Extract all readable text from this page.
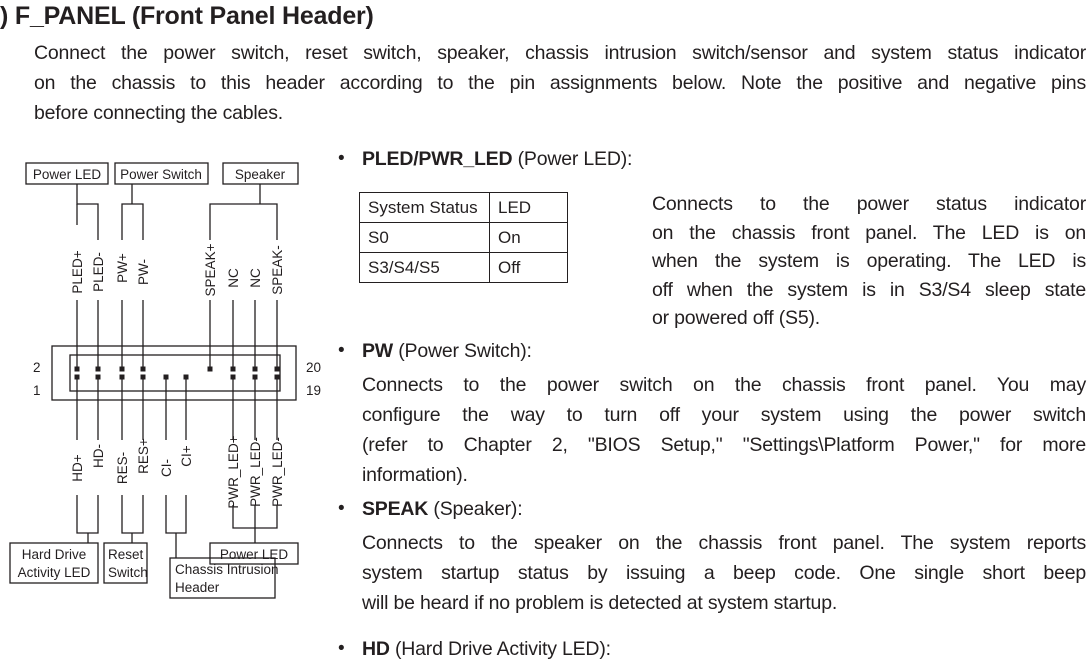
) F_PANEL (Front Panel Header)
Connect the power switch, reset switch, speaker, chassis intrusion switch/sensor and system status indicator
on the chassis to this header according to the pin assignments below. Note the positive and negative pins
before connecting the cables.
Power LED Power Switch Speaker
PLED+ PLED- PW+ PW-	SPEAK+ NC NC SPEAK-
2
1
20
19
HD+ HD- RES- RES+ CI-
CI+ PWR_LED+ PWR_LED- PWR_LED-
Hard Drive
Activity LED
Reset
Switch Chassis Intrusion
Header
Power LED
• PLED/PWR_LED (Power LED):
System Status	LED
S0	On
S3/S4/S5	Off
Connects to the power status indicator
on the chassis front panel. The LED is on
when the system is operating. The LED is
off when the system is in S3/S4 sleep state
or powered off (S5).
• PW (Power Switch):
Connects to the power switch on the chassis front panel. You may
configure the way to turn off your system using the power switch
(refer to Chapter 2, "BIOS Setup," "Settings\Platform Power," for more
information).
• SPEAK (Speaker):
Connects to the speaker on the chassis front panel. The system reports
system startup status by issuing a beep code. One single short beep
will be heard if no problem is detected at system startup.
• HD (Hard Drive Activity LED):
